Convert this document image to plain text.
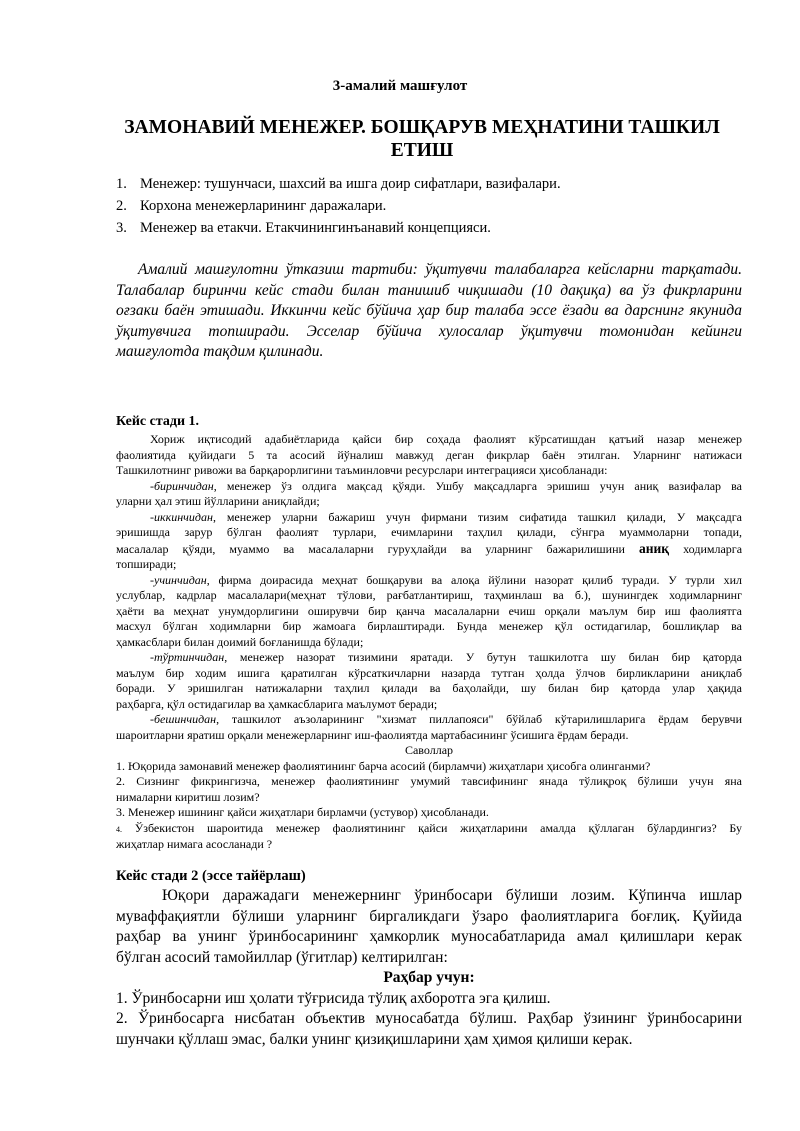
3-амалий машғулот
ЗАМОНАВИЙ МЕНЕЖЕР. БОШҚАРУВ МЕҲНАТИНИ ТАШКИЛ
ЕТИШ
1. Менежер: тушунчаси, шахсий ва ишга доир сифатлари, вазифалари.
2. Корхона менежерларининг даражалари.
3. Менежер ва етакчи. Етакчинингинъанавий концепцияси.
Амалий машғулотни ўтказиш тартиби: ўқитувчи талабаларга кейсларни тарқатади.
Талабалар биринчи кейс стади билан танишиб чиқишади (10 дақиқа) ва ўз фикрларини
оғзаки баён этишади. Иккинчи кейс бўйича ҳар бир талаба эссе ёзади ва дарснинг якунида
ўқитувчига топширади. Эсселар бўйича хулосалар ўқитувчи томонидан кейинги
машғулотда тақдим қилинади.
Кейс стади 1.
Хориж иқтисодий адабиётларида қайси бир соҳада фаолият кўрсатишдан қатъий назар менежер
фаолиятида қуйидаги 5 та асосий йўналиш мавжуд деган фикрлар баён этилган. Уларнинг натижаси
Ташкилотнинг ривожи ва барқарорлигини таъминловчи ресурслари интеграцияси ҳисобланади:
-биринчидан, менежер ўз олдига мақсад қўяди. Ушбу мақсадларга эришиш учун аниқ вазифалар ва
уларни ҳал этиш йўлларини аниқлайди;
-иккинчидан, менежер уларни бажариш учун фирмани тизим сифатида ташкил қилади, У мақсадга
эришишда зарур бўлган фаолият турлари, ечимларини таҳлил қилади, сўнгра муаммоларни топади,
масалалар қўяди, муаммо ва масалаларни гуруҳлайди ва уларнинг бажарилишини аниқ ходимларга
топширади;
-учинчидан, фирма доирасида меҳнат бошқаруви ва алоқа йўлини назорат қилиб туради. У турли хил
услублар, кадрлар масалалари(меҳнат тўлови, рағбатлантириш, таҳминлаш ва б.), шунингдек ходимларнинг
ҳаёти ва меҳнат унумдорлигини оширувчи бир қанча масалаларни ечиш орқали маълум бир иш фаолиятга
масхул бўлган ходимларни бир жамоага бирлаштиради. Бунда менежер қўл остидагилар, бошлиқлар ва
ҳамкасблари билан доимий боғланишда бўлади;
-тўртинчидан, менежер назорат тизимини яратади. У бутун ташкилотга шу билан бир қаторда
маълум бир ходим ишига қаратилган кўрсаткичларни назарда тутган ҳолда ўлчов бирликларини аниқлаб
боради. У эришилган натижаларни таҳлил қилади ва баҳолайди, шу билан бир қаторда улар ҳақида
раҳбарга, қўл остидагилар ва ҳамкасбларига маълумот беради;
-бешинчидан, ташкилот аъзоларининг "хизмат пиллапояси" бўйлаб кўтарилишларига ёрдам берувчи
шароитларни яратиш орқали менежерларнинг иш-фаолиятда мартабасининг ўсишига ёрдам беради.
Саволлар
1. Юқорида замонавий менежер фаолиятининг барча асосий (бирламчи) жиҳатлари ҳисобга олинганми?
2. Сизнинг фикрингизча, менежер фаолиятининг умумий тавсифининг янада тўлиқроқ бўлиши учун яна
нималарни киритиш лозим?
3. Менежер ишининг қайси жиҳатлари бирламчи (устувор) ҳисобланади.
4. Ўзбекистон шароитида менежер фаолиятининг қайси жиҳатларини амалда қўллаган бўлардингиз? Бу
жиҳатлар нимага асосланади ?
Кейс стади 2 (эссе тайёрлаш)
Юқори даражадаги менежернинг ўринбосари бўлиши лозим. Кўпинча ишлар
муваффақиятли бўлиши уларнинг биргаликдаги ўзаро фаолиятларига боғлиқ. Қуйида
раҳбар ва унинг ўринбосарининг ҳамкорлик муносабатларида амал қилишлари керак
бўлган асосий тамойиллар (ўгитлар) келтирилган:
Раҳбар учун:
1. Ўринбосарни иш ҳолати тўғрисида тўлиқ ахборотга эга қилиш.
2. Ўринбосарга нисбатан объектив муносабатда бўлиш. Раҳбар ўзининг ўринбосарини
шунчаки қўллаш эмас, балки унинг қизиқишларини ҳам ҳимоя қилиши керак.
